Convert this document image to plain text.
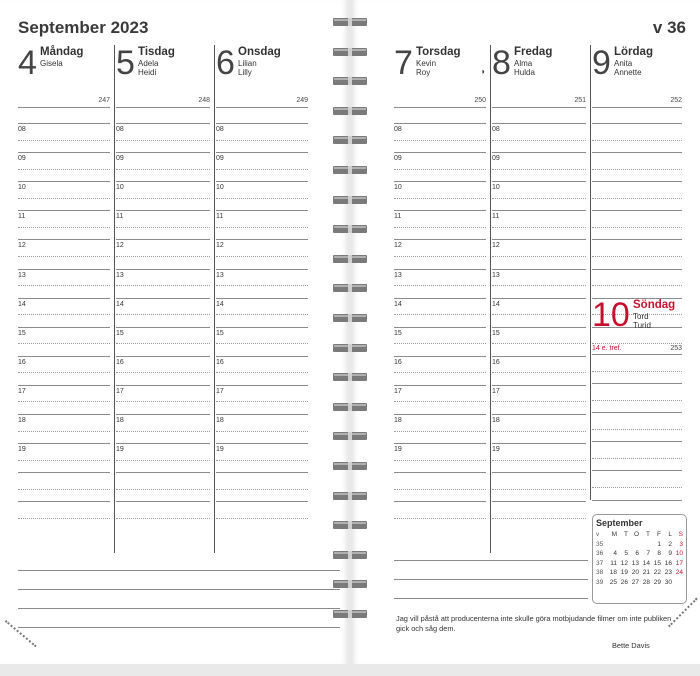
September 2023	v 36
4 Måndag
Gisela
247
08
09
10
11
12
13
14
15
16
17
18
19
5 Tisdag
Adela
Heidi
248
08
09
10
11
12
13
14
15
16
17
18
19
6 Onsdag
Lilian
Lilly
249
08
09
10
11
12
13
14
15
16
17
18
19
7 Torsdag
Kevin
Roy	◑
250
08
09
10
11
12
13
14
15
16
17
18
19
8 Fredag
Alma
Hulda
251
08
09
10
11
12
13
14
15
16
17
18
19
9 Lördag
Anita
Annette
252
10 Söndag
Tord
Turid
14 e. tref.	253
September
v	M	T	O	T	F	L	S
35					1	2	3
36	4	5	6	7	8	9	10
37	11	12	13	14	15	16	17
38	18	19	20	21	22	23	24
39	25	26	27	28	29	30	
Jag vill påstå att producenterna inte skulle göra motbjudande filmer om inte publiken gick och såg dem.
Bette Davis
